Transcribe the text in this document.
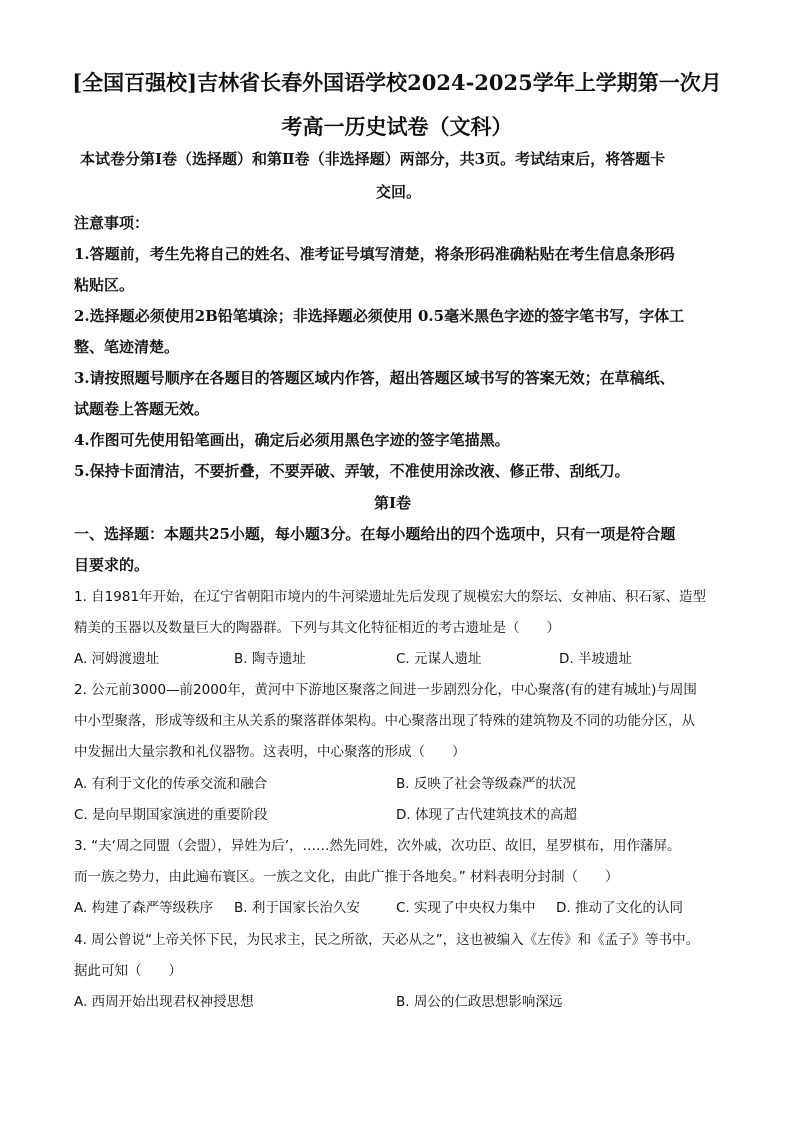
[全国百强校]吉林省长春外国语学校2024-2025学年上学期第一次月
考高一历史试卷（文科）
本试卷分第Ⅰ卷（选择题）和第Ⅱ卷（非选择题）两部分，共3页。考试结束后，将答题卡
交回。
注意事项：
1.答题前，考生先将自己的姓名、准考证号填写清楚，将条形码准确粘贴在考生信息条形码
粘贴区。
2.选择题必须使用2B铅笔填涂；非选择题必须使用 0.5毫米黑色字迹的签字笔书写，字体工
整、笔迹清楚。
3.请按照题号顺序在各题目的答题区域内作答，超出答题区域书写的答案无效；在草稿纸、
试题卷上答题无效。
4.作图可先使用铅笔画出，确定后必须用黑色字迹的签字笔描黑。
5.保持卡面清洁，不要折叠，不要弄破、弄皱，不准使用涂改液、修正带、刮纸刀。
第Ⅰ卷
一、选择题：本题共25小题，每小题3分。在每小题给出的四个选项中，只有一项是符合题
目要求的。
1. 自1981年开始，在辽宁省朝阳市境内的牛河梁遗址先后发现了规模宏大的祭坛、女神庙、积石冢、造型
精美的玉器以及数量巨大的陶器群。下列与其文化特征相近的考古遗址是（　　）
A. 河姆渡遗址	B. 陶寺遗址	C. 元谋人遗址	D. 半坡遗址
2. 公元前3000—前2000年，黄河中下游地区聚落之间进一步剧烈分化，中心聚落(有的建有城址)与周围
中小型聚落，形成等级和主从关系的聚落群体架构。中心聚落出现了特殊的建筑物及不同的功能分区，从
中发掘出大量宗教和礼仪器物。这表明，中心聚落的形成（　　）
A. 有利于文化的传承交流和融合	B. 反映了社会等级森严的状况
C. 是向早期国家演进的重要阶段	D. 体现了古代建筑技术的高超
3. “夫‘周之同盟（会盟），异姓为后’，……然先同姓，次外戚，次功臣、故旧，星罗棋布，用作藩屏。
而一族之势力，由此遍布寰区。一族之文化，由此广推于各地矣。” 材料表明分封制（　　）
A. 构建了森严等级秩序 B. 利于国家长治久安	C. 实现了中央权力集中 D. 推动了文化的认同
4. 周公曾说“上帝关怀下民，为民求主，民之所欲，天必从之”，这也被编入《左传》和《孟子》等书中。
据此可知（　　）
A. 西周开始出现君权神授思想	B. 周公的仁政思想影响深远
